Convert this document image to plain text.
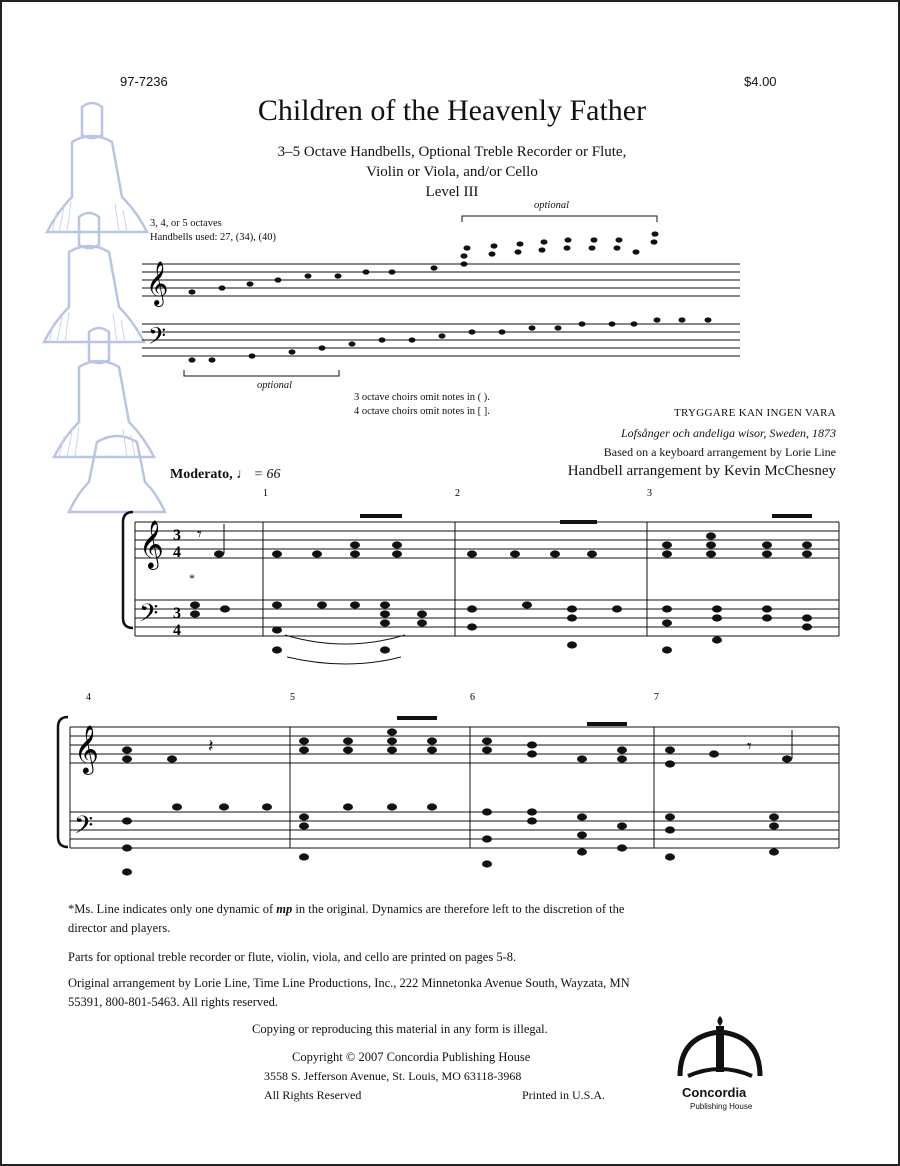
97-7236	$4.00
Children of the Heavenly Father
3–5 Octave Handbells, Optional Treble Recorder or Flute,
Violin or Viola, and/or Cello
Level III
3, 4, or 5 octaves
Handbells used: 27, (34), (40)
optional
optional
3 octave choirs omit notes in ( ).
4 octave choirs omit notes in [ ].
𝄞
𝄢
TRYGGARE KAN INGEN VARA
Lofsånger och andeliga wisor, Sweden, 1873
Based on a keyboard arrangement by Lorie Line
Handbell arrangement by Kevin McChesney
Moderato, ♩ = 66
𝄞
𝄢
3
4
3
4
*
1	2	3
𝄾
𝄞
𝄢
4	5	6	7
𝄽	𝄾
*Ms. Line indicates only one dynamic of mp in the original. Dynamics are therefore left to the discretion of the
director and players.
Parts for optional treble recorder or flute, violin, viola, and cello are printed on pages 5-8.
Original arrangement by Lorie Line, Time Line Productions, Inc., 222 Minnetonka Avenue South, Wayzata, MN
55391, 800-801-5463. All rights reserved.
Copying or reproducing this material in any form is illegal.
Copyright © 2007 Concordia Publishing House
3558 S. Jefferson Avenue, St. Louis, MO 63118-3968
All Rights Reserved	Printed in U.S.A.	Concordia
Publishing House
